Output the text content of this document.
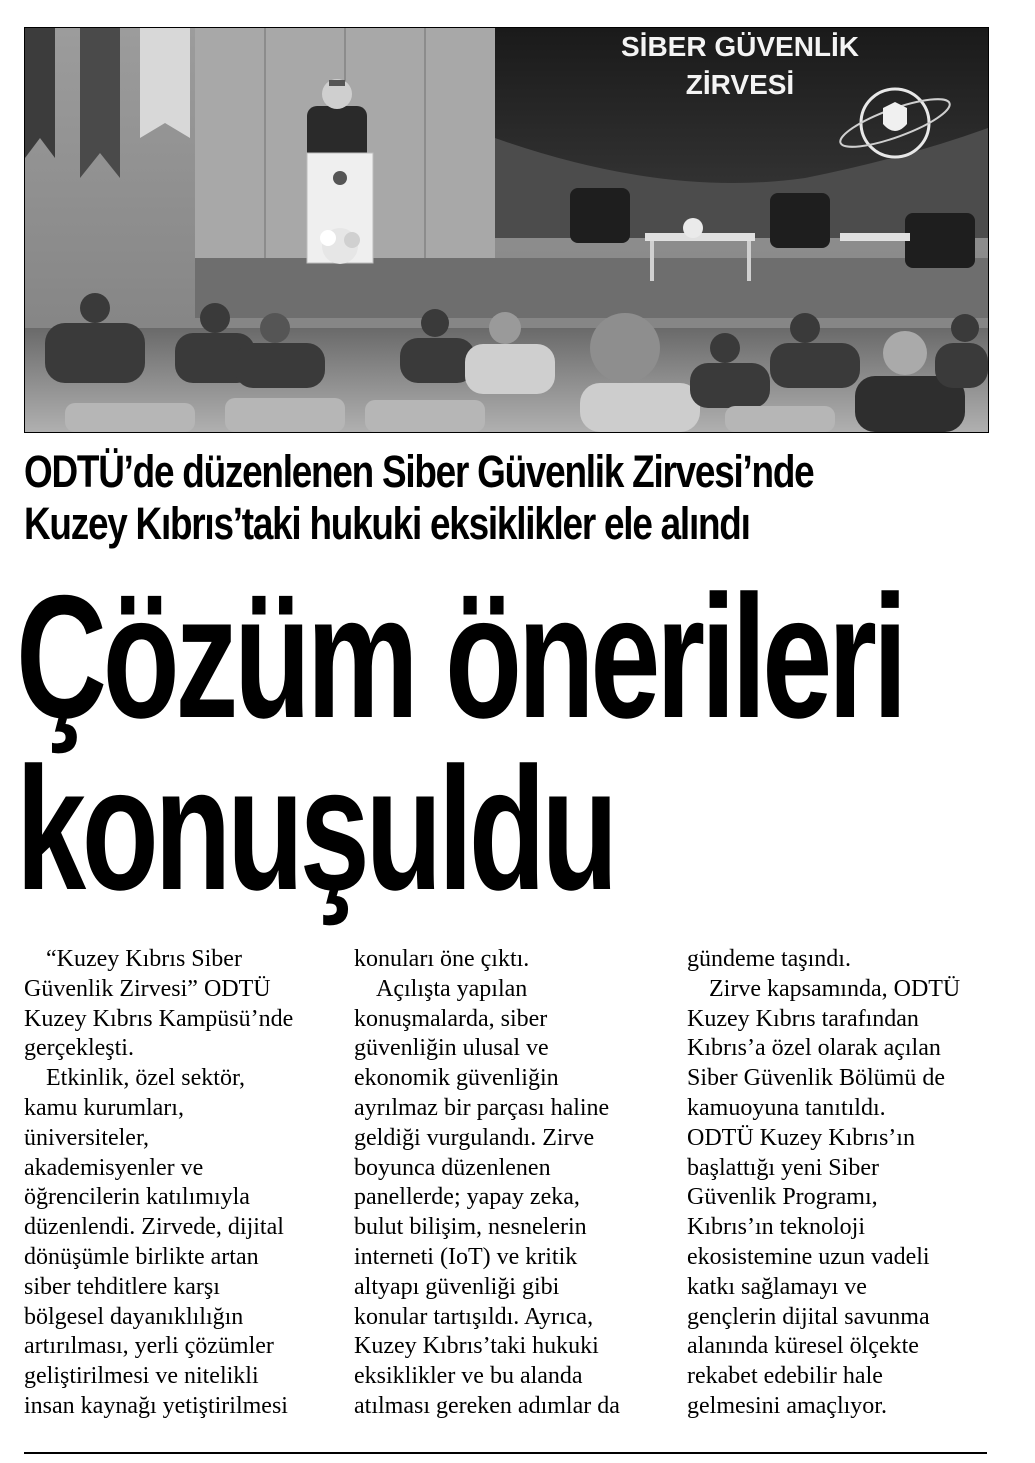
SİBER GÜVENLİK
ZİRVESİ
ODTÜ’de düzenlenen Siber Güvenlik Zirvesi’nde
Kuzey Kıbrıs’taki hukuki eksiklikler ele alındı
Çözüm önerileri
konuşuldu

“Kuzey Kıbrıs Siber

Güvenlik Zirvesi” ODTÜ

Kuzey Kıbrıs Kampüsü’nde

gerçekleşti.

Etkinlik, özel sektör,

kamu kurumları,

üniversiteler,

akademisyenler ve

öğrencilerin katılımıyla

düzenlendi. Zirvede, dijital

dönüşümle birlikte artan

siber tehditlere karşı

bölgesel dayanıklılığın

artırılması, yerli çözümler

geliştirilmesi ve nitelikli

insan kaynağı yetiştirilmesi

konuları öne çıktı.

Açılışta yapılan

konuşmalarda, siber

güvenliğin ulusal ve

ekonomik güvenliğin

ayrılmaz bir parçası haline

geldiği vurgulandı. Zirve

boyunca düzenlenen

panellerde; yapay zeka,

bulut bilişim, nesnelerin

interneti (IoT) ve kritik

altyapı güvenliği gibi

konular tartışıldı. Ayrıca,

Kuzey Kıbrıs’taki hukuki

eksiklikler ve bu alanda

atılması gereken adımlar da

gündeme taşındı.

Zirve kapsamında, ODTÜ

Kuzey Kıbrıs tarafından

Kıbrıs’a özel olarak açılan

Siber Güvenlik Bölümü de

kamuoyuna tanıtıldı.

ODTÜ Kuzey Kıbrıs’ın

başlattığı yeni Siber

Güvenlik Programı,

Kıbrıs’ın teknoloji

ekosistemine uzun vadeli

katkı sağlamayı ve

gençlerin dijital savunma

alanında küresel ölçekte

rekabet edebilir hale

gelmesini amaçlıyor.
